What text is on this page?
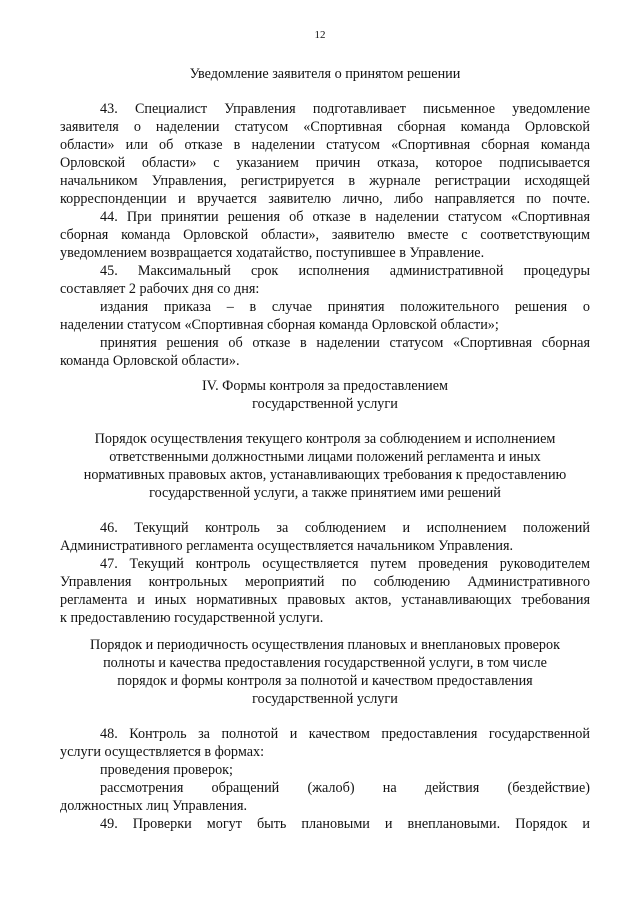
12
Уведомление заявителя о принятом решении
43. Специалист Управления подготавливает письменное уведомление
заявителя о наделении статусом «Спортивная сборная команда Орловской
области» или об отказе в наделении статусом «Спортивная сборная команда
Орловской области» с указанием причин отказа, которое подписывается
начальником Управления, регистрируется в журнале регистрации исходящей
корреспонденции и вручается заявителю лично, либо направляется по почте.
44. При принятии решения об отказе в наделении статусом «Спортивная
сборная команда Орловской области», заявителю вместе с соответствующим
уведомлением возвращается ходатайство, поступившее в Управление.
45. Максимальный срок исполнения административной процедуры
составляет 2 рабочих дня со дня:
издания приказа – в случае принятия положительного решения о
наделении статусом «Спортивная сборная команда Орловской области»;
принятия решения об отказе в наделении статусом «Спортивная сборная
команда Орловской области».
IV. Формы контроля за предоставлением
государственной услуги
Порядок осуществления текущего контроля за соблюдением и исполнением
ответственными должностными лицами положений регламента и иных
нормативных правовых актов, устанавливающих требования к предоставлению
государственной услуги, а также принятием ими решений
46. Текущий контроль за соблюдением и исполнением положений
Административного регламента осуществляется начальником Управления.
47. Текущий контроль осуществляется путем проведения руководителем
Управления контрольных мероприятий по соблюдению Административного
регламента и иных нормативных правовых актов, устанавливающих требования
к предоставлению государственной услуги.
Порядок и периодичность осуществления плановых и внеплановых проверок
полноты и качества предоставления государственной услуги, в том числе
порядок и формы контроля за полнотой и качеством предоставления
государственной услуги
48. Контроль за полнотой и качеством предоставления государственной
услуги осуществляется в формах:
проведения проверок;
рассмотрения обращений (жалоб) на действия (бездействие)
должностных лиц Управления.
49. Проверки могут быть плановыми и внеплановыми. Порядок и
